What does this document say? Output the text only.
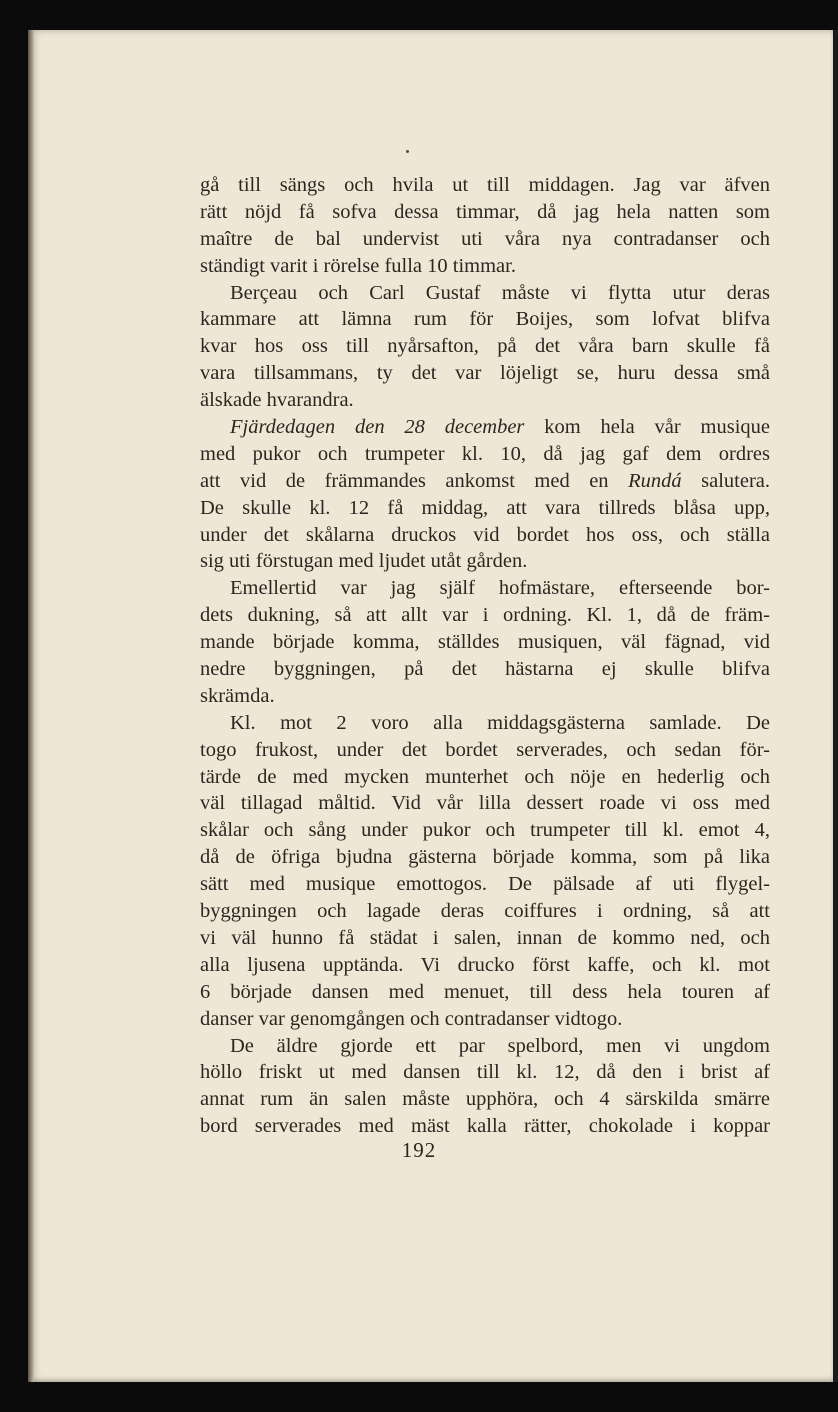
gå till sängs och hvila ut till middagen. Jag var äfven
rätt nöjd få sofva dessa timmar, då jag hela natten som
maître de bal undervist uti våra nya contradanser och
ständigt varit i rörelse fulla 10 timmar.
Berçeau och Carl Gustaf måste vi flytta utur deras
kammare att lämna rum för Boijes, som lofvat blifva
kvar hos oss till nyårsafton, på det våra barn skulle få
vara tillsammans, ty det var löjeligt se, huru dessa små
älskade hvarandra.
Fjärdedagen den 28 december kom hela vår musique
med pukor och trumpeter kl. 10, då jag gaf dem ordres
att vid de främmandes ankomst med en Rundá salutera.
De skulle kl. 12 få middag, att vara tillreds blåsa upp,
under det skålarna druckos vid bordet hos oss, och ställa
sig uti förstugan med ljudet utåt gården.
Emellertid var jag själf hofmästare, efterseende bor-
dets dukning, så att allt var i ordning. Kl. 1, då de främ-
mande började komma, ställdes musiquen, väl fägnad, vid
nedre byggningen, på det hästarna ej skulle blifva
skrämda.
Kl. mot 2 voro alla middagsgästerna samlade. De
togo frukost, under det bordet serverades, och sedan för-
tärde de med mycken munterhet och nöje en hederlig och
väl tillagad måltid. Vid vår lilla dessert roade vi oss med
skålar och sång under pukor och trumpeter till kl. emot 4,
då de öfriga bjudna gästerna började komma, som på lika
sätt med musique emottogos. De pälsade af uti flygel-
byggningen och lagade deras coiffures i ordning, så att
vi väl hunno få städat i salen, innan de kommo ned, och
alla ljusena upptända. Vi drucko först kaffe, och kl. mot
6 började dansen med menuet, till dess hela touren af
danser var genomgången och contradanser vidtogo.
De äldre gjorde ett par spelbord, men vi ungdom
höllo friskt ut med dansen till kl. 12, då den i brist af
annat rum än salen måste upphöra, och 4 särskilda smärre
bord serverades med mäst kalla rätter, chokolade i koppar
192
